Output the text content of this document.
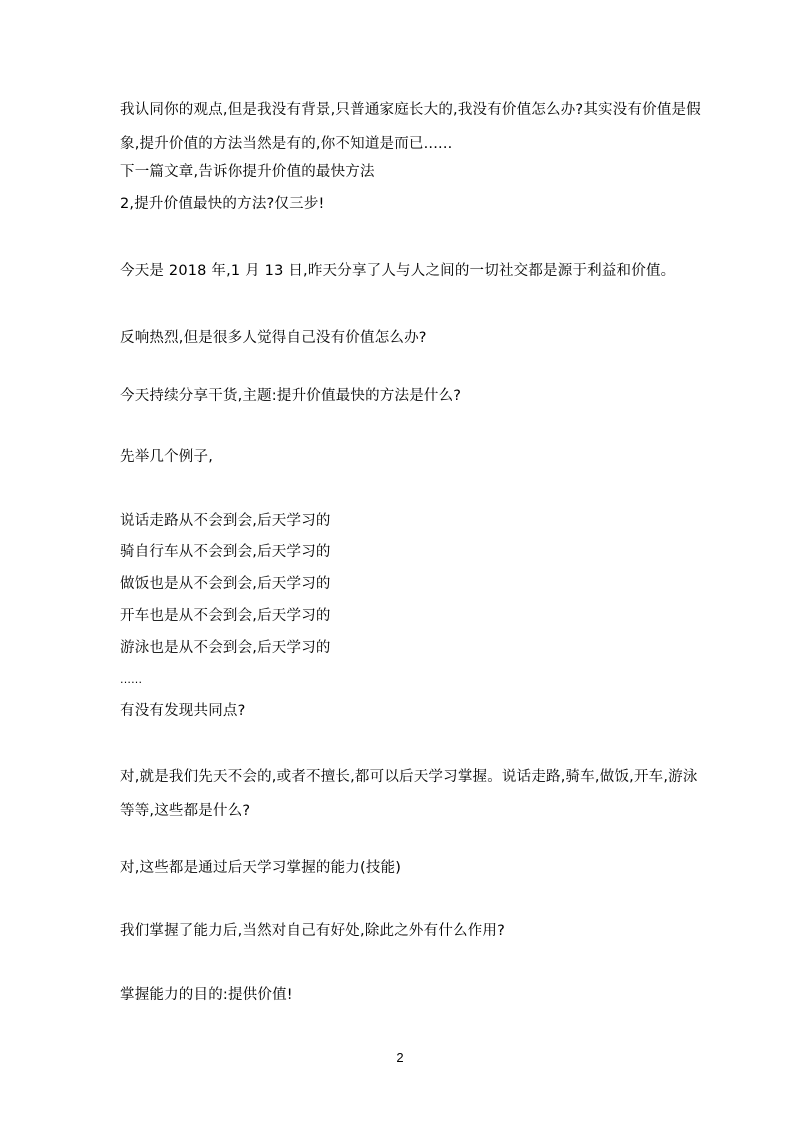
我认同你的观点,但是我没有背景,只普通家庭长大的,我没有价值怎么办?其实没有价值是假象,提升价值的方法当然是有的,你不知道是而已......
下一篇文章,告诉你提升价值的最快方法
2,提升价值最快的方法?仅三步!
今天是 2018 年,1 月 13 日,昨天分享了人与人之间的一切社交都是源于利益和价值。
反响热烈,但是很多人觉得自己没有价值怎么办?
今天持续分享干货,主题:提升价值最快的方法是什么?
先举几个例子,
说话走路从不会到会,后天学习的
骑自行车从不会到会,后天学习的
做饭也是从不会到会,后天学习的
开车也是从不会到会,后天学习的
游泳也是从不会到会,后天学习的
......
有没有发现共同点?
对,就是我们先天不会的,或者不擅长,都可以后天学习掌握。说话走路,骑车,做饭,开车,游泳等等,这些都是什么?
对,这些都是通过后天学习掌握的能力(技能)
我们掌握了能力后,当然对自己有好处,除此之外有什么作用?
掌握能力的目的:提供价值!
2
